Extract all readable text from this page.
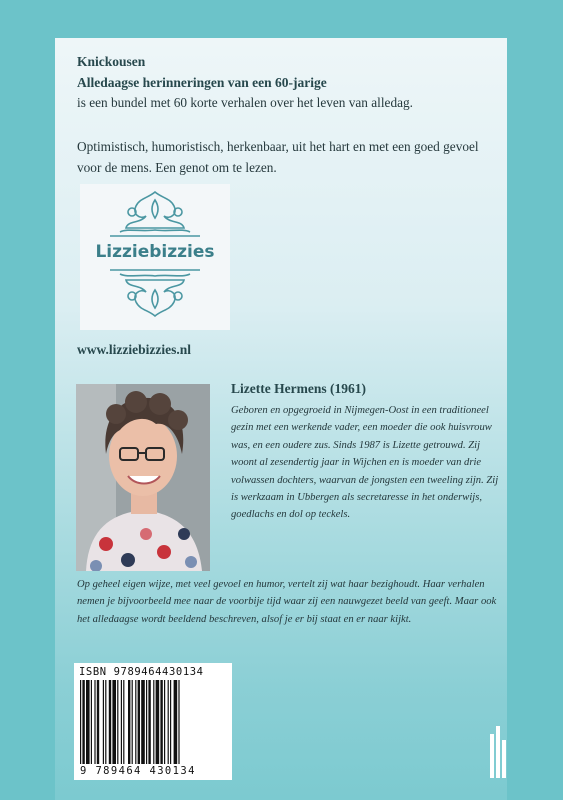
Knickousen

Alledaagse herinneringen van een 60-jarige

is een bundel met 60 korte verhalen over het leven van alledag.

Optimistisch, humoristisch, herkenbaar, uit het hart en met een goed gevoel voor de mens. Een genot om te lezen.

Lizziebizzies

www.lizziebizzies.nl

Lizette Hermens (1961)

Geboren en opgegroeid in Nijmegen-Oost in een traditioneel gezin met een werkende vader, een moeder die ook huisvrouw was, en een oudere zus. Sinds 1987 is Lizette getrouwd. Zij woont al zesendertig jaar in Wijchen en is moeder van drie volwassen dochters, waarvan de jongsten een tweeling zijn. Zij is werkzaam in Ubbergen als secretaresse in het onderwijs, goedlachs en dol op teckels.

Op geheel eigen wijze, met veel gevoel en humor, vertelt zij wat haar bezighoudt. Haar verhalen nemen je bijvoorbeeld mee naar de voorbije tijd waar zij een nauwgezet beeld van geeft. Maar ook het alledaagse wordt beeldend beschreven, alsof je er bij staat en er naar kijkt.

ISBN 9789464430134
9 789464 430134
